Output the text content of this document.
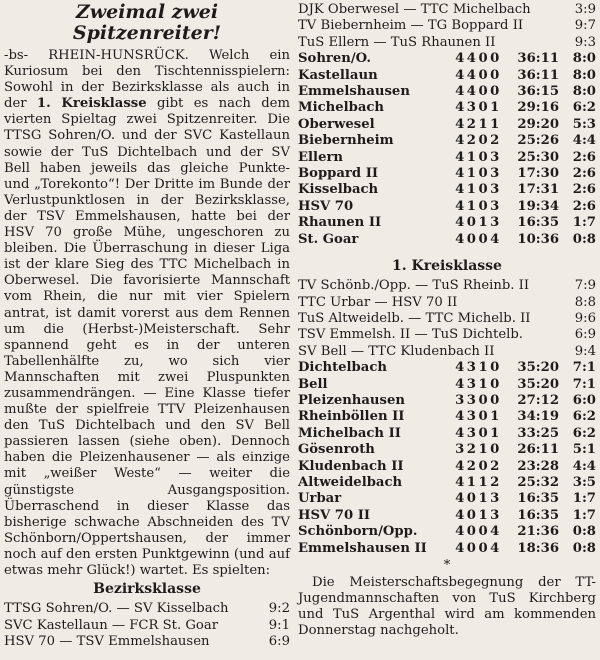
Zweimal zwei
Spitzenreiter!

-bs- RHEIN-HUNSRÜCK. Welch ein Kuriosum bei den Tischtennisspielern: Sowohl in der Bezirksklasse als auch in der 1. Kreisklasse gibt es nach dem vierten Spieltag zwei Spitzenreiter. Die TTSG Sohren/O. und der SVC Kastellaun sowie der TuS Dichtelbach und der SV Bell haben jeweils das gleiche Punkte- und „Torekonto“! Der Dritte im Bunde der Verlustpunktlosen in der Bezirksklasse, der TSV Emmelshausen, hatte bei der HSV 70 große Mühe, ungeschoren zu bleiben. Die Überraschung in dieser Liga ist der klare Sieg des TTC Michelbach in Oberwesel. Die favorisierte Mannschaft vom Rhein, die nur mit vier Spielern antrat, ist damit vorerst aus dem Rennen um die (Herbst-)Meisterschaft. Sehr spannend geht es in der unteren Tabellenhälfte zu, wo sich vier Mannschaften mit zwei Pluspunkten zusammendrängen. — Eine Klasse tiefer mußte der spielfreie TTV Pleizenhausen den TuS Dichtelbach und den SV Bell passieren lassen (siehe oben). Dennoch haben die Pleizenhausener — als einzige mit „weißer Weste“ — weiter die günstigste Ausgangsposition. Überraschend in dieser Klasse das bisherige schwache Abschneiden des TV Schönborn/Oppertshausen, der immer noch auf den ersten Punktgewinn (und auf etwas mehr Glück!) wartet. Es spielten:

Bezirksklasse
TTSG Sohren/O. — SV Kisselbach	9:2
SVC Kastellaun — FCR St. Goar	9:1
HSV 70 — TSV Emmelshausen	6:9
DJK Oberwesel — TTC Michelbach	3:9
TV Biebernheim — TG Boppard II	9:7
TuS Ellern — TuS Rhaunen II	9:3
Sohren/O.	4 4 0 0	36:11	8:0
Kastellaun	4 4 0 0	36:11	8:0
Emmelshausen	4 4 0 0	36:15	8:0
Michelbach	4 3 0 1	29:16	6:2
Oberwesel	4 2 1 1	29:20	5:3
Biebernheim	4 2 0 2	25:26	4:4
Ellern	4 1 0 3	25:30	2:6
Boppard II	4 1 0 3	17:30	2:6
Kisselbach	4 1 0 3	17:31	2:6
HSV 70	4 1 0 3	19:34	2:6
Rhaunen II	4 0 1 3	16:35	1:7
St. Goar	4 0 0 4	10:36	0:8
1. Kreisklasse
TV Schönb./Opp. — TuS Rheinb. II	7:9
TTC Urbar — HSV 70 II	8:8
TuS Altweidelb. — TTC Michelb. II	9:6
TSV Emmelsh. II — TuS Dichtelb.	6:9
SV Bell — TTC Kludenbach II	9:4
Dichtelbach	4 3 1 0	35:20	7:1
Bell	4 3 1 0	35:20	7:1
Pleizenhausen	3 3 0 0	27:12	6:0
Rheinböllen II	4 3 0 1	34:19	6:2
Michelbach II	4 3 0 1	33:25	6:2
Gösenroth	3 2 1 0	26:11	5:1
Kludenbach II	4 2 0 2	23:28	4:4
Altweidelbach	4 1 1 2	25:32	3:5
Urbar	4 0 1 3	16:35	1:7
HSV 70 II	4 0 1 3	16:35	1:7
Schönborn/Opp.	4 0 0 4	21:36	0:8
Emmelshausen II	4 0 0 4	18:36	0:8
*

Die Meisterschaftsbegegnung der TT-Jugendmannschaften von TuS Kirchberg und TuS Argenthal wird am kommenden Donnerstag nachgeholt.
